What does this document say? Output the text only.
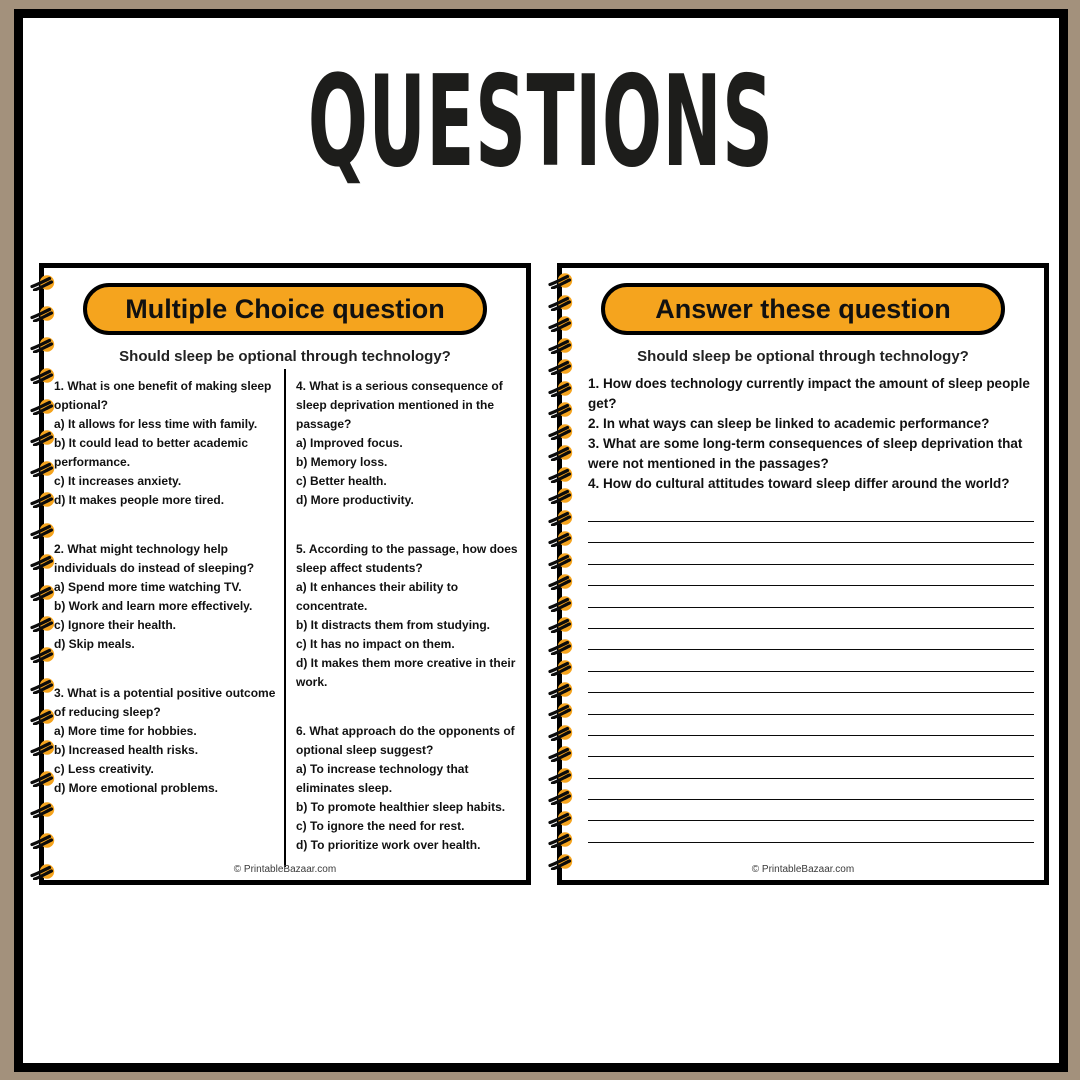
QUESTIONS
Multiple Choice question
Should sleep be optional through technology?
1. What is one benefit of making sleep optional?
a) It allows for less time with family.
b) It could lead to better academic performance.
c) It increases anxiety.
d) It makes people more tired.
2. What might technology help individuals do instead of sleeping?
a) Spend more time watching TV.
b) Work and learn more effectively.
c) Ignore their health.
d) Skip meals.
3. What is a potential positive outcome of reducing sleep?
a) More time for hobbies.
b) Increased health risks.
c) Less creativity.
d) More emotional problems.
4. What is a serious consequence of sleep deprivation mentioned in the passage?
a) Improved focus.
b) Memory loss.
c) Better health.
d) More productivity.
5. According to the passage, how does sleep affect students?
a) It enhances their ability to concentrate.
b) It distracts them from studying.
c) It has no impact on them.
d) It makes them more creative in their work.
6. What approach do the opponents of optional sleep suggest?
a) To increase technology that eliminates sleep.
b) To promote healthier sleep habits.
c) To ignore the need for rest.
d) To prioritize work over health.
© PrintableBazaar.com
Answer these question
Should sleep be optional through technology?

1. How does technology currently impact the amount of sleep people get?

2. In what ways can sleep be linked to academic performance?

3. What are some long-term consequences of sleep deprivation that were not mentioned in the passages?

4. How do cultural attitudes toward sleep differ around the world?

© PrintableBazaar.com
